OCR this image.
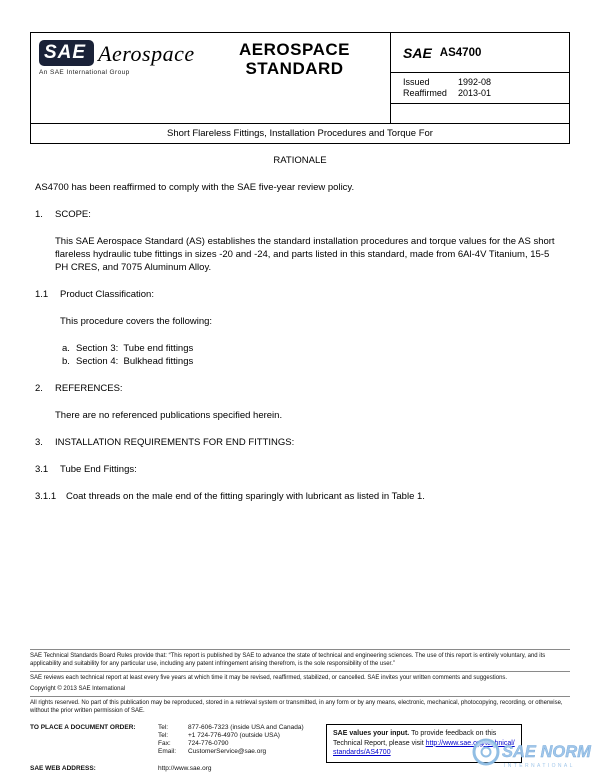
SAE Aerospace
An SAE International Group
AEROSPACE
STANDARD
SAE AS4700
Issued	1992-08
Reaffirmed	2013-01
Short Flareless Fittings, Installation Procedures and Torque For
RATIONALE
AS4700 has been reaffirmed to comply with the SAE five-year review policy.
1.	SCOPE:
This SAE Aerospace Standard (AS) establishes the standard installation procedures and torque values for the AS short flareless hydraulic tube fittings in sizes -20 and -24, and parts listed in this standard, made from 6Al-4V Titanium, 15-5 PH CRES, and 7075 Aluminum Alloy.
1.1	Product Classification:
This procedure covers the following:
a. Section 3:  Tube end fittings
b. Section 4:  Bulkhead fittings
2.	REFERENCES:
There are no referenced publications specified herein.
3.	INSTALLATION REQUIREMENTS FOR END FITTINGS:
3.1	Tube End Fittings:
3.1.1	Coat threads on the male end of the fitting sparingly with lubricant as listed in Table 1.
SAE Technical Standards Board Rules provide that: “This report is published by SAE to advance the state of technical and engineering sciences. The use of this report is entirely voluntary, and its applicability and suitability for any particular use, including any patent infringement arising therefrom, is the sole responsibility of the user.”
SAE reviews each technical report at least every five years at which time it may be revised, reaffirmed, stabilized, or cancelled. SAE invites your written comments and suggestions.
Copyright © 2013 SAE International
All rights reserved. No part of this publication may be reproduced, stored in a retrieval system or transmitted, in any form or by any means, electronic, mechanical, photocopying, recording, or otherwise, without the prior written permission of SAE.
TO PLACE A DOCUMENT ORDER:	Tel:	877-606-7323 (inside USA and Canada)
Tel:	+1 724-776-4970 (outside USA)
Fax:	724-776-0790
Email:	CustomerService@sae.org
SAE WEB ADDRESS:	http://www.sae.org
SAE values your input. To provide feedback on this Technical Report, please visit http://www.sae.org/technical/standards/AS4700	SAE NORM
INTERNATIONAL
